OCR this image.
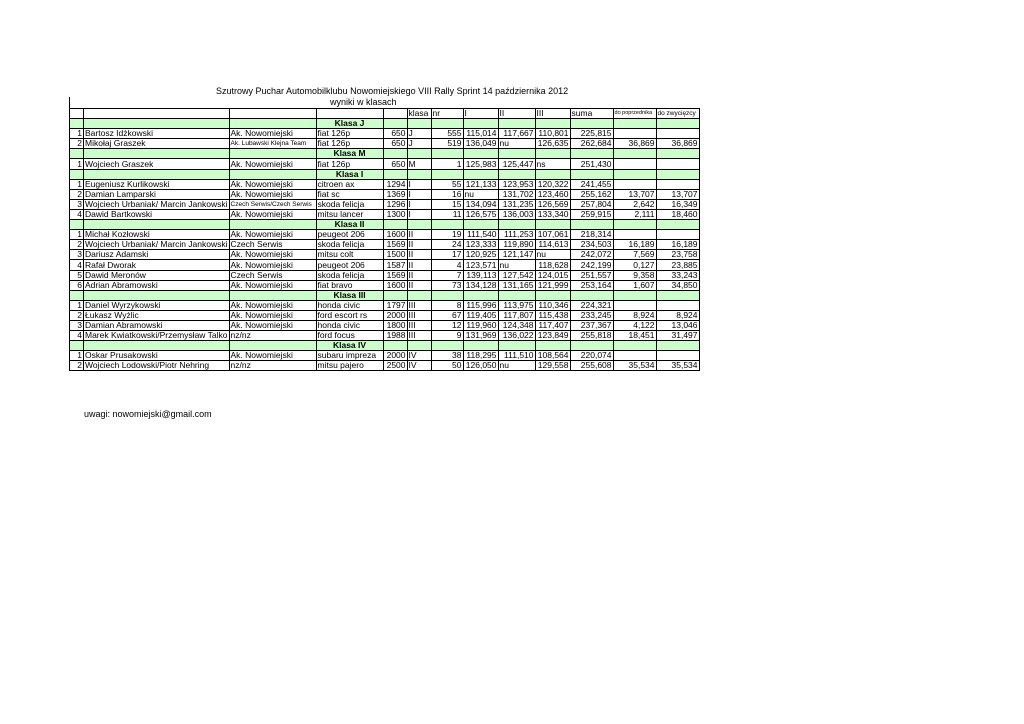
Szutrowy Puchar Automobilklubu Nowomiejskiego VIII Rally Sprint 14 października 2012
wyniki w klasach
					klasa	nr	I	II	III	suma	do poprzednika	do zwycięzcy
			Klasa J									
1	Bartosz Idżkowski	Ak. Nowomiejski	fiat 126p	650	J	555	115,014	117,667	110,801	225,815		
2	Mikołaj Graszek	Ak. Lubawski Klejna Team	fiat 126p	650	J	519	136,049	nu	126,635	262,684	36,869	36,869
			Klasa M									
1	Wojciech Graszek	Ak. Nowomiejski	fiat 126p	650	M	1	125,983	125,447	ns	251,430		
			Klasa I									
1	Eugeniusz Kurlikowski	Ak. Nowomiejski	citroen ax	1294	I	55	121,133	123,953	120,322	241,455		
2	Damian Lamparski	Ak. Nowomiejski	fiat sc	1369	I	16	nu	131,702	123,460	255,162	13,707	13,707
3	Wojciech Urbaniak/ Marcin Jankowski	Czech Serwis/Czech Serwis	skoda felicja	1296	I	15	134,094	131,235	126,569	257,804	2,642	16,349
4	Dawid Bartkowski	Ak. Nowomiejski	mitsu lancer	1300	I	11	126,575	136,003	133,340	259,915	2,111	18,460
			Klasa II									
1	Michał Kozłowski	Ak. Nowomiejski	peugeot 206	1600	II	19	111,540	111,253	107,061	218,314		
2	Wojciech Urbaniak/ Marcin Jankowski	Czech Serwis	skoda felicja	1569	II	24	123,333	119,890	114,613	234,503	16,189	16,189
3	Dariusz Adamski	Ak. Nowomiejski	mitsu colt	1500	II	17	120,925	121,147	nu	242,072	7,569	23,758
4	Rafał Dworak	Ak. Nowomiejski	peugeot 206	1587	II	4	123,571	nu	118,628	242,199	0,127	23,885
5	Dawid Meronów	Czech Serwis	skoda felicja	1569	II	7	139,113	127,542	124,015	251,557	9,358	33,243
6	Adrian Abramowski	Ak. Nowomiejski	fiat bravo	1600	II	73	134,128	131,165	121,999	253,164	1,607	34,850
			Klasa III									
1	Daniel Wyrzykowski	Ak. Nowomiejski	honda civic	1797	III	8	115,996	113,975	110,346	224,321		
2	Łukasz Wyżlic	Ak. Nowomiejski	ford escort rs	2000	III	67	119,405	117,807	115,438	233,245	8,924	8,924
3	Damian Abramowski	Ak. Nowomiejski	honda civic	1800	III	12	119,960	124,348	117,407	237,367	4,122	13,046
4	Marek Kwiatkowski/Przemysław Talko	nz/nz	ford focus	1988	III	9	131,969	136,022	123,849	255,818	18,451	31,497
			Klasa IV									
1	Oskar Prusakowski	Ak. Nowomiejski	subaru impreza	2000	IV	38	118,295	111,510	108,564	220,074		
2	Wojciech Lodowski/Piotr Nehring	nz/nz	mitsu pajero	2500	IV	50	126,050	nu	129,558	255,608	35,534	35,534
uwagi: nowomiejski@gmail.com
